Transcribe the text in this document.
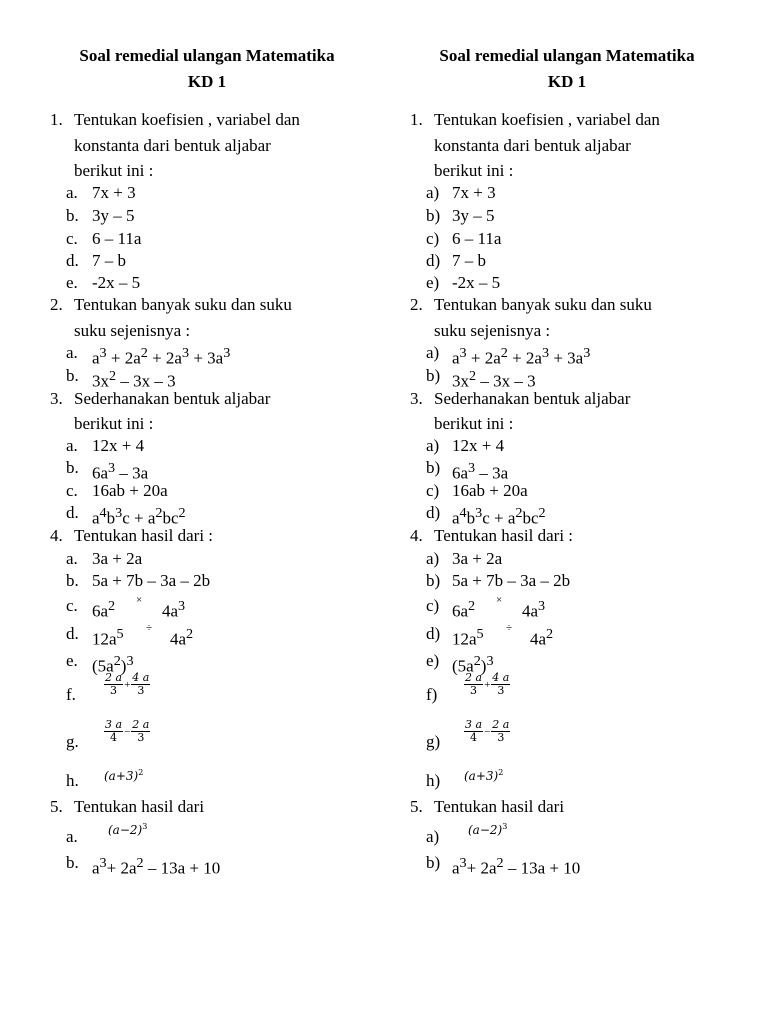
Soal remedial ulangan Matematika
KD 1
1. Tentukan koefisien , variabel dan
konstanta dari bentuk aljabar
berikut ini :
a. 7x + 3
b. 3y – 5
c. 6 – 11a
d. 7 – b
e. -2x – 5
2. Tentukan banyak suku dan suku
suku sejenisnya :
a. $a^3 + 2a^2 + 2a^3 + 3a^3$
b. $3x^2 - 3x - 3$
3. Sederhanakan bentuk aljabar
berikut ini :
a. 12x + 4
b. $6a^3 - 3a$
c. 16ab + 20a
d. $a^4b^3c + a^2bc^2$
4. Tentukan hasil dari :
a. 3a + 2a
b. 5a + 7b – 3a – 2b
c. $6a^2$ ×
$4a^3$
d. $12a^5$ ÷
$4a^2$
e. $(5a^2)^3$
f.	$\frac{2 a}{3} + \frac{4 a}{3}$
g. $\frac{3 a}{4} - \frac{2 a}{3}$
h. $(a+3)^2$
5. Tentukan hasil dari
a.	$(a-2)^3$
b. $a^3+ 2a^2 - 13a + 10$
Soal remedial ulangan Matematika
KD 1
1. Tentukan koefisien , variabel dan
konstanta dari bentuk aljabar
berikut ini :
a) 7x + 3
b) 3y – 5
c) 6 – 11a
d) 7 – b
e) -2x – 5
2. Tentukan banyak suku dan suku
suku sejenisnya :
a) $a^3 + 2a^2 + 2a^3 + 3a^3$
b) $3x^2 - 3x - 3$
3. Sederhanakan bentuk aljabar
berikut ini :
a) 12x + 4
b) $6a^3 - 3a$
c) 16ab + 20a
d) $a^4b^3c + a^2bc^2$
4. Tentukan hasil dari :
a) 3a + 2a
b) 5a + 7b – 3a – 2b
c) $6a^2$ ×
$4a^3$
d) $12a^5$ ÷
$4a^2$
e) $(5a^2)^3$
$f) \frac{2 a}{3} + \frac{4 a}{3}$
$g) \frac{3 a}{4} - \frac{2 a}{3}$
h) $(a+3)^2$
5. Tentukan hasil dari
a) $(a-2)^3$
b) $a^3+ 2a^2 - 13a + 10$
